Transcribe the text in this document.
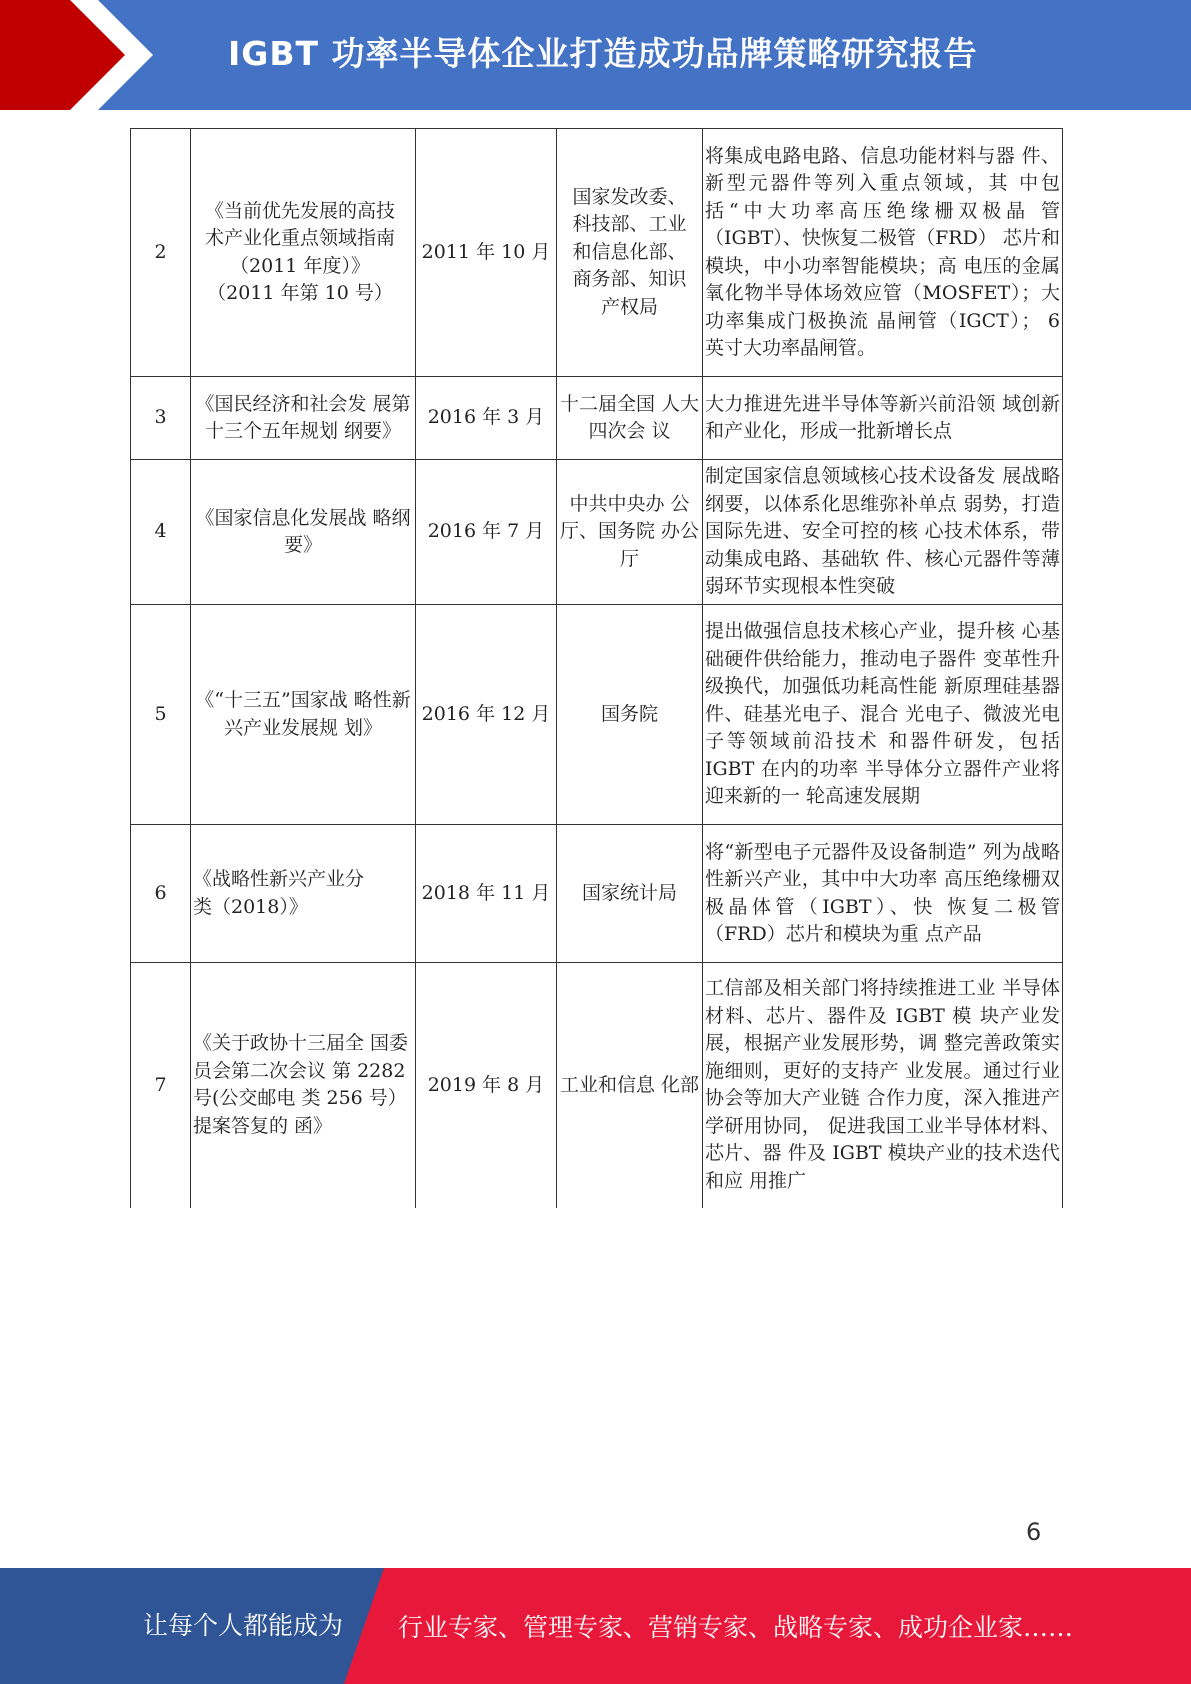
IGBT 功率半导体企业打造成功品牌策略研究报告
2	《当前优先发展的高技术产业化重点领域指南（2011 年度）》（2011 年第 10 号）	2011 年 10 月	国家发改委、科技部、工业和信息化部、商务部、知识产权局	将集成电路电路、信息功能材料与器 件、新型元器件等列入重点领域，其 中包括“中大功率高压绝缘栅双极晶 管（IGBT）、快恢复二极管（FRD） 芯片和模块，中小功率智能模块；高 电压的金属氧化物半导体场效应管（MOSFET）；大功率集成门极换流 晶闸管（IGCT）； 6 英寸大功率晶闸管。
3	《国民经济和社会发 展第十三个五年规划 纲要》	2016 年 3 月	十二届全国 人大四次会 议	大力推进先进半导体等新兴前沿领 域创新和产业化，形成一批新增长点
4	《国家信息化发展战 略纲要》	2016 年 7 月	中共中央办 公厅、国务院 办公厅	制定国家信息领域核心技术设备发 展战略纲要，以体系化思维弥补单点 弱势，打造国际先进、安全可控的核 心技术体系，带动集成电路、基础软 件、核心元器件等薄弱环节实现根本性突破
5	《“十三五”国家战 略性新兴产业发展规 划》	2016 年 12 月	国务院	提出做强信息技术核心产业，提升核 心基础硬件供给能力，推动电子器件 变革性升级换代，加强低功耗高性能 新原理硅基器件、硅基光电子、混合 光电子、微波光电子等领域前沿技术 和器件研发，包括 IGBT 在内的功率 半导体分立器件产业将迎来新的一 轮高速发展期
6	《战略性新兴产业分类（2018）》	2018 年 11 月	国家统计局	将“新型电子元器件及设备制造” 列为战略性新兴产业，其中中大功率 高压绝缘栅双极晶体管（IGBT）、快 恢复二极管（FRD）芯片和模块为重 点产品
7	《关于政协十三届全 国委员会第二次会议 第 2282 号(公交邮电 类 256 号）提案答复的 函》	2019 年 8 月	工业和信息 化部	工信部及相关部门将持续推进工业 半导体材料、芯片、器件及 IGBT 模 块产业发展，根据产业发展形势，调 整完善政策实施细则，更好的支持产 业发展。通过行业协会等加大产业链 合作力度，深入推进产学研用协同， 促进我国工业半导体材料、芯片、器 件及 IGBT 模块产业的技术迭代和应 用推广
6
让每个人都能成为 行业专家、管理专家、营销专家、战略专家、成功企业家……
